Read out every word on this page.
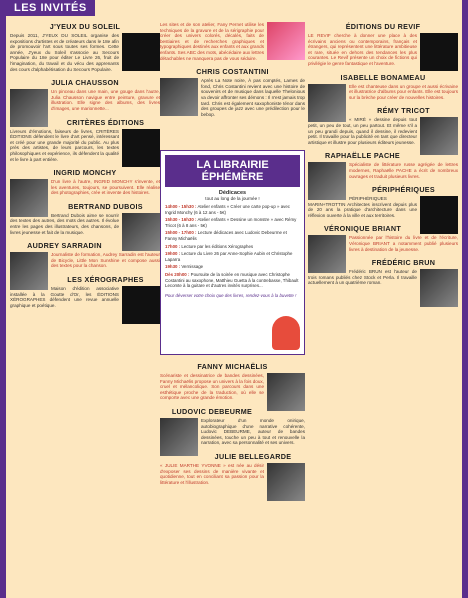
LES INVITÉS
J'YEUX DU SOLEIL

Depuis 2011, J'YEUX DU SOLEIL organise des expositions d'artistes et de créateurs dans le 18e afin de promouvoir l'art sous toutes ses formes. Cette année, J'yeux du Soleil s'associe au Secours Populaire du 18e pour éditer Le Livre 26, fruit de l'imagination, du travail et du vécu des apprenants des cours d'alphabétisation du Secours Populaire.

JULIA CHAUSSON

Un pinceau dans une main, une gouge dans l'autre, Julia Chausson navigue entre peinture, gravure et illustration. Elle signe des albums, des livres d'images, une marionnette...

CRITÈRES ÉDITIONS

Livreurs d'émotions, faiseurs de livres, CRITÈRES ÉDITIONS défendent le livre d'art pensé, intéressant et créé pour une grande majorité du public. Au plus près des artistes, de leurs parcours, les textes philosophiques et expérience, ils défendent la qualité et le livre à part entière.

INGRID MONCHY

D'un livre à l'autre, INGRID MONCHY s'invente, et les aventures, toujours, se poursuivent. Elle réalise des photographies, crée et invente des histoires.

BERTRAND DUBOIS

Bertrand Dubois aime se nourrir des textes des autres, des mots des autres. Il évolue entre les pages des illustrateurs, des chansons, de livres jeunesse et fait de la musique.

AUDREY SARRADIN

Journaliste de formation, Audrey Sarradin est l'auteur de Bicycle, Little Mon Sunshine et compose aussi des textes pour la chanson.

LES XÉROGRAPHES

Maison d'édition associative installée à la Goutte d'Or, les ÉDITIONS XÉROGRAPHES défendent une revue annuelle graphique et poétique.

Les sites et de son atelier, Fany Pernet utilise les techniques de la gravure et de la sérigraphie pour créer des univers colorés, décalés, faits de bestiaires et de recherches graphiques et typographiques destinés aux enfants et aux grands enfants. Ses ABC des mots, abécédaire aux lettres détachables ne manquera pas de vous séduire.

CHRIS COSTANTINI

Après La Note noire, À pas comptés, Lames de fond, Chris Costantini revient avec une histoire de souvenirs et de musique dans laquelle Thelonious va devoir affronter ses démons : Il n'est jamais trop tard. Chris est également saxophoniste ténor dans des groupes de jazz avec une prédilection pour le bebop.

LA LIBRAIRIE
ÉPHÉMÈRE
Dédicaces
tout au long de la journée !
14h00 - 15h30 : Atelier enfants « Créer une carte pop-up » avec Ingrid Monchy (6 à 12 ans - 5€)
15h30 - 16h30 : Atelier enfants « Dessine un monstre » avec Rémy Tricot (6 à 8 ans - 5€)
15h00 - 17h00 : Lecture dédicaces avec Ludovic Debeurme et Fanny Michaëlis
17h00 : Lecture par les éditions Xérographes
19h00 : Lecture du Livre 26 par Anne-Sophie Aubin et Christophe Laparra
19h30 : Vernissage
Dès 20h00 : Poursuite de la soirée en musique avec Christophe Costantini au saxophone, Matthieu Guetta à la contrebasse, Thibault Lecomte à la guitare et d'autres invités surprises...

Pour déverser votre choix que des livres, rendez-vous à la buvette !

FANNY MICHAËLIS

Scénariste et dessinatrice de bandes dessinées, Fanny Michaëlis propose un univers à la fois doux, cruel et mélancolique. Son parcours dans une esthétique proche de la traduction, où elle se comporte avec une grande émotion.

LUDOVIC DEBEURME

Explorateur d'un monde onirique, autobiographique d'une narrative cohérente, Ludovic DEBEURME, auteur de bandes dessinées, touche un peu à tout et renouvelle la narration, avec sa personnalité et ses univers.

JULIE BELLEGARDE

« JULIE MARTHE YVONNE » est née au désir d'exposer ses dessins de manière vivante et quotidienne, tout en conciliant sa passion pour la littérature et l'illustration.

ÉDITIONS DU REVIF

LE REVIF cherche à donner une place à des écrivains anciens ou contemporains, français et étrangers, qui représentent une littérature ambitieuse et rare, située en dehors des tendances les plus courantes. Le Revif présente un choix de fictions qui privilégie le genre fantastique et l'aventure.

ISABELLE BONAMEAU

Elle est chanteuse dans un groupe et aussi écrivaine et illustratrice d'albums pour enfants. Elle est toujours sur la brèche pour créer de nouvelles histoires.

RÉMY TRICOT

« MIRÉ » dessine depuis tout petit, un peu de tout, un peu partout. Et même s'il a un peu grandi depuis, quand il dessine, il redevient petit. Il travaille pour la publicité en tant que directeur artistique et illustre pour plusieurs éditeurs jeunesse.

RAPHAËLLE PACHE

Spécialiste de littérature russe agrégée de lettres modernes, Raphaëlle PACHE a écrit de nombreux ouvrages et traduit plusieurs livres.

PÉRIPHÉRIQUES

PÉRIPHÉRIQUES MARIN+TROTTIN Architectes inscrivent depuis plus de 20 ans la pratique d'architecture dans une réflexion ouverte à la ville et aux territoires.

VÉRONIQUE BRIANT

Passionnée par l'histoire du livre et de l'écriture, Véronique BRIANT a notamment publié plusieurs livres à destination de la jeunesse.

FRÉDÉRIC BRUN

Frédéric BRUN est l'auteur de trois romans publiés chez Stock et Perla. Il travaille actuellement à un quatrième roman.
